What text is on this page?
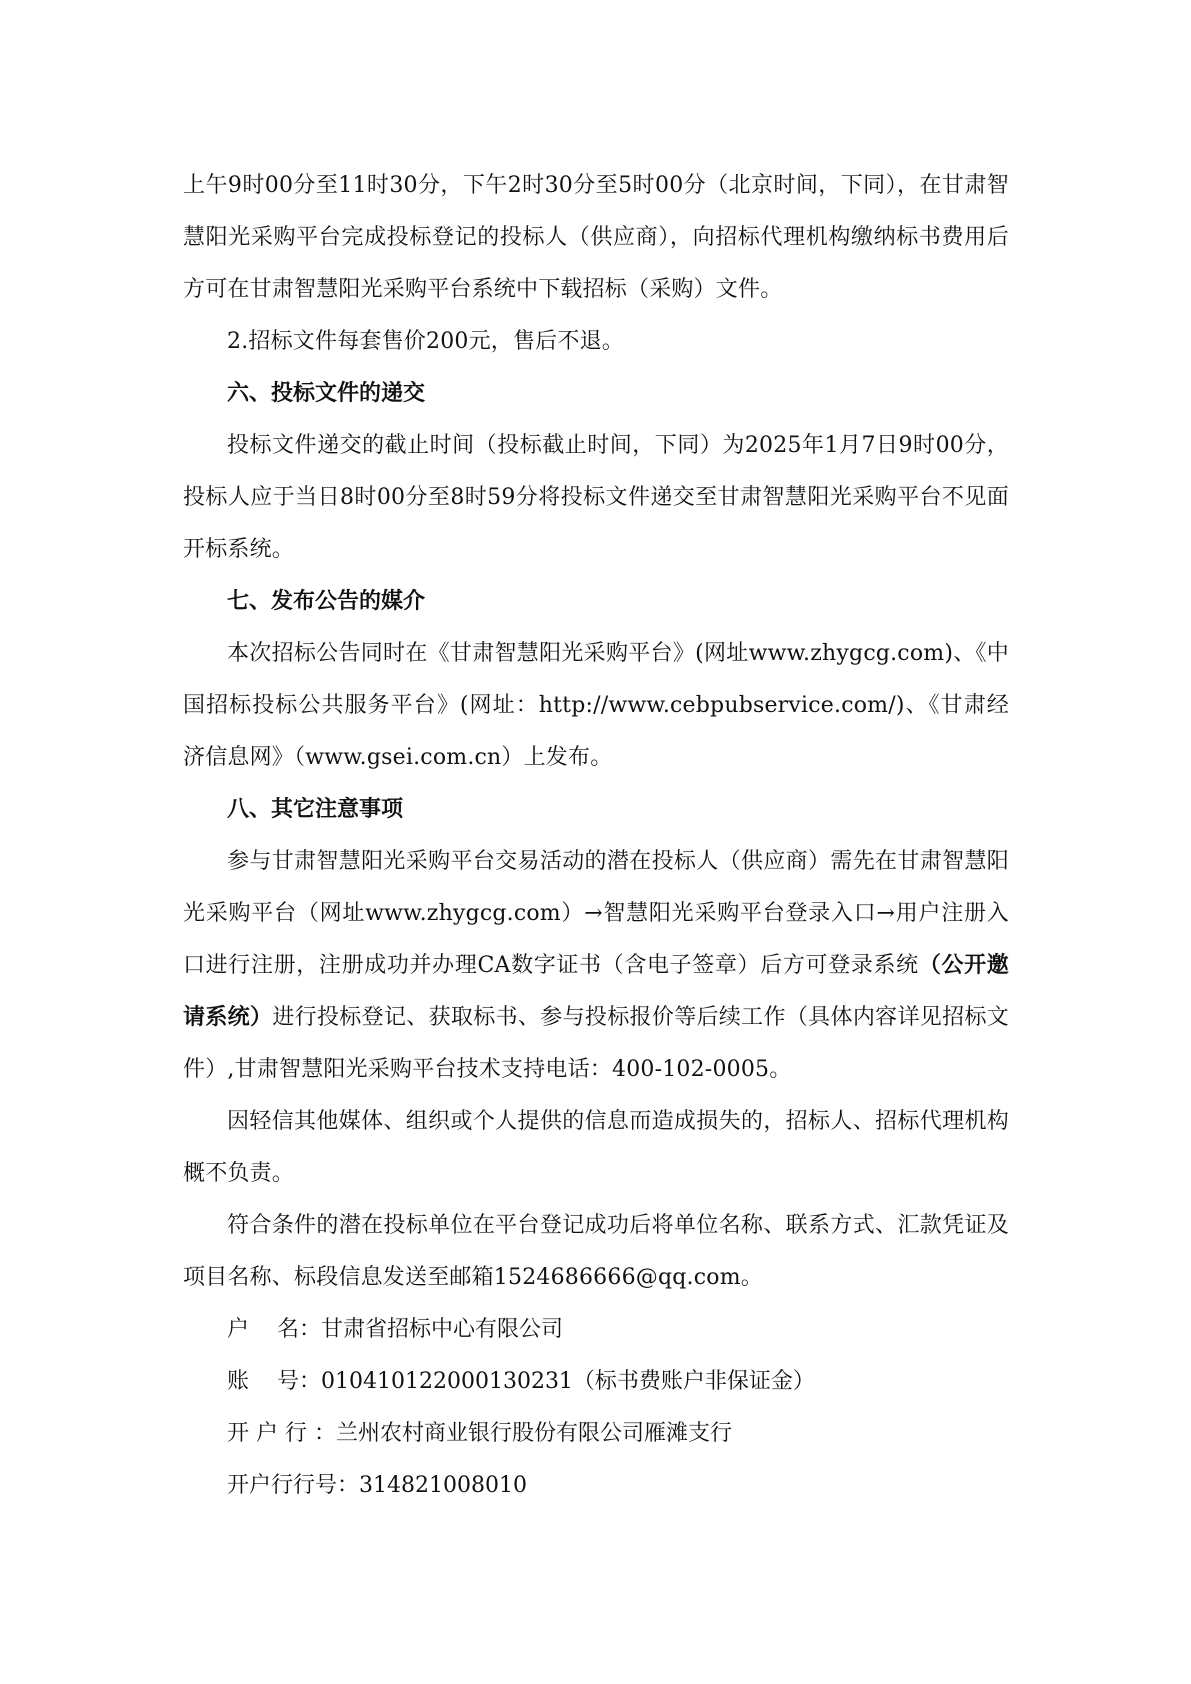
上午9时00分至11时30分，下午2时30分至5时00分（北京时间，下同），在甘肃智慧阳光采购平台完成投标登记的投标人（供应商），向招标代理机构缴纳标书费用后方可在甘肃智慧阳光采购平台系统中下载招标（采购）文件。

2.招标文件每套售价200元，售后不退。

六、投标文件的递交

投标文件递交的截止时间（投标截止时间，下同）为2025年1月7日9时00分，投标人应于当日8时00分至8时59分将投标文件递交至甘肃智慧阳光采购平台不见面开标系统。

七、发布公告的媒介

本次招标公告同时在《甘肃智慧阳光采购平台》(网址www.zhygcg.com)、《中国招标投标公共服务平台》(网址：http://www.cebpubservice.com/)、《甘肃经济信息网》（www.gsei.com.cn）上发布。

八、其它注意事项

参与甘肃智慧阳光采购平台交易活动的潜在投标人（供应商）需先在甘肃智慧阳光采购平台（网址www.zhygcg.com）→智慧阳光采购平台登录入口→用户注册入口进行注册，注册成功并办理CA数字证书（含电子签章）后方可登录系统（公开邀请系统）进行投标登记、获取标书、参与投标报价等后续工作（具体内容详见招标文件）,甘肃智慧阳光采购平台技术支持电话：400-102-0005。

因轻信其他媒体、组织或个人提供的信息而造成损失的，招标人、招标代理机构概不负责。

符合条件的潜在投标单位在平台登记成功后将单位名称、联系方式、汇款凭证及项目名称、标段信息发送至邮箱1524686666@qq.com。

户    名：甘肃省招标中心有限公司

账    号：010410122000130231（标书费账户非保证金）

开 户 行 ：兰州农村商业银行股份有限公司雁滩支行

开户行行号：314821008010
